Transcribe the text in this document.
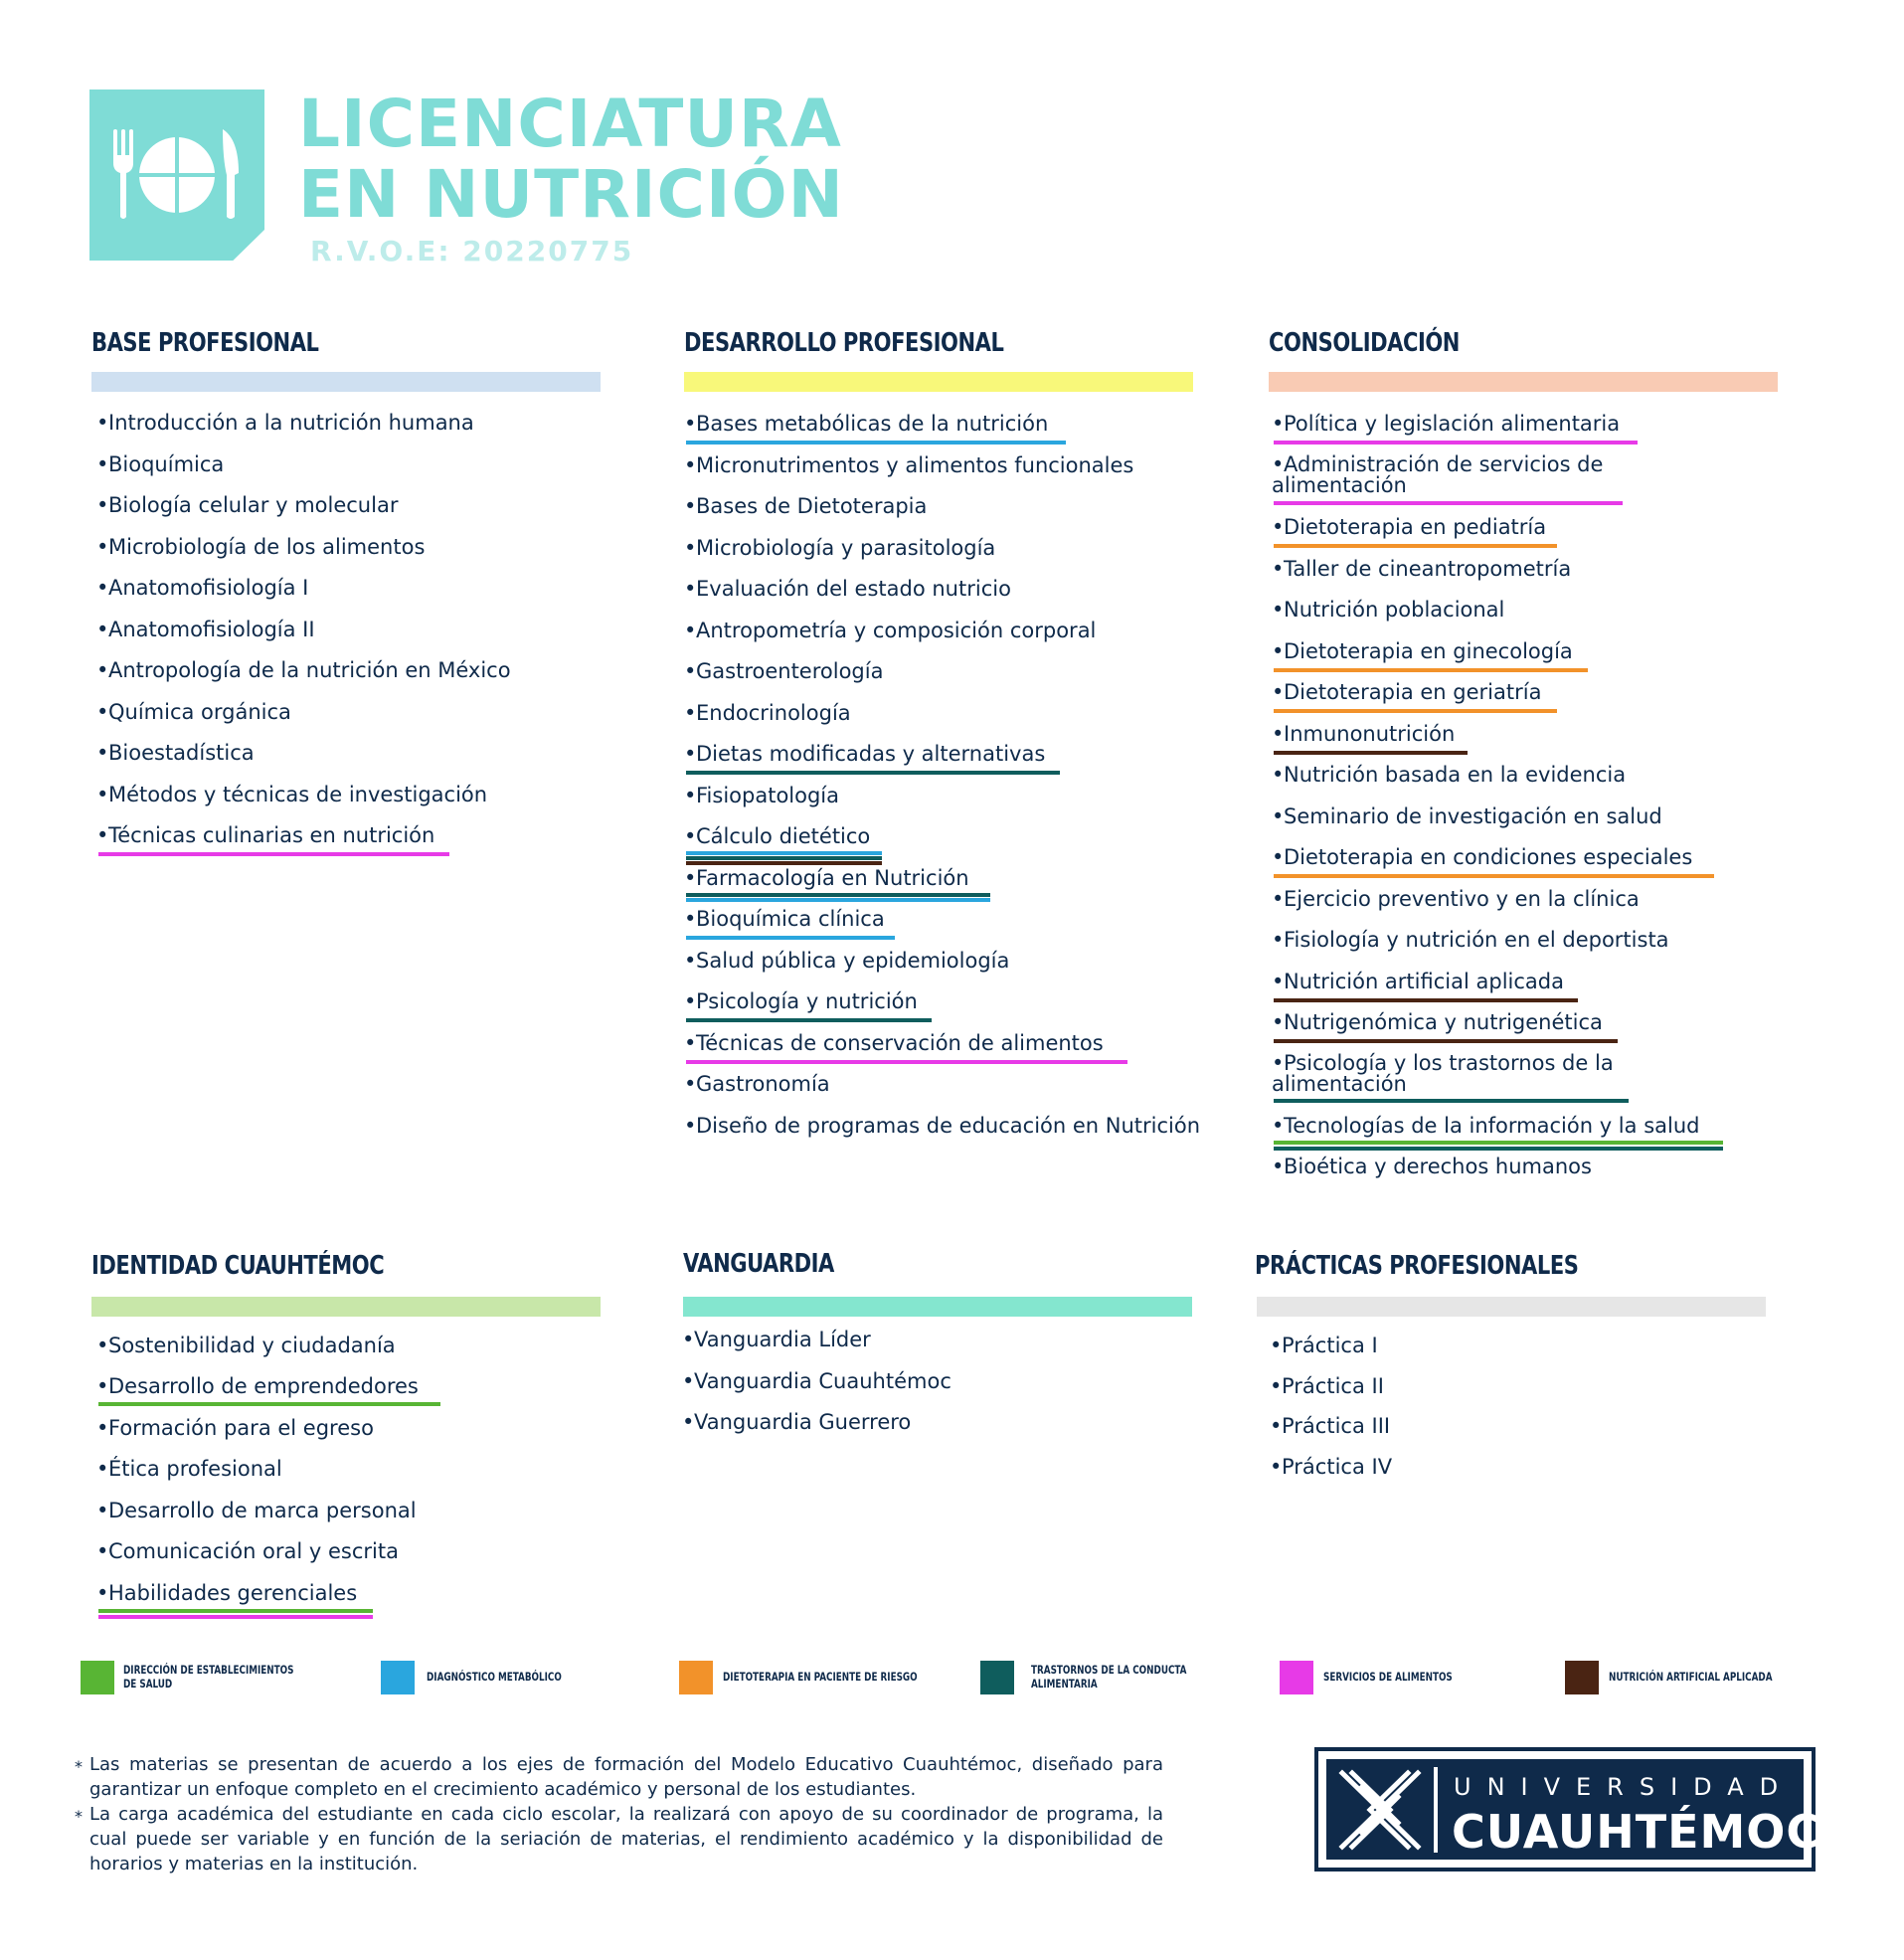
LICENCIATURA
EN NUTRICIÓN
R.V.O.E: 20220775
BASE PROFESIONAL	DESARROLLO PROFESIONAL	CONSOLIDACIÓN
IDENTIDAD CUAUHTÉMOC	VANGUARDIA	PRÁCTICAS PROFESIONALES
•Introducción a la nutrición humana
•Bioquímica
•Biología celular y molecular
•Microbiología de los alimentos
•Anatomofisiología I
•Anatomofisiología II
•Antropología de la nutrición en México
•Química orgánica
•Bioestadística
•Métodos y técnicas de investigación
•Técnicas culinarias en nutrición
•Bases metabólicas de la nutrición
•Micronutrimentos y alimentos funcionales
•Bases de Dietoterapia
•Microbiología y parasitología
•Evaluación del estado nutricio
•Antropometría y composición corporal
•Gastroenterología
•Endocrinología
•Dietas modificadas y alternativas
•Fisiopatología
•Cálculo dietético
•Farmacología en Nutrición
•Bioquímica clínica
•Salud pública y epidemiología
•Psicología y nutrición
•Técnicas de conservación de alimentos
•Gastronomía
•Diseño de programas de educación en Nutrición
•Política y legislación alimentaria
•Administración de servicios de alimentación
•Dietoterapia en pediatría
•Taller de cineantropometría
•Nutrición poblacional
•Dietoterapia en ginecología
•Dietoterapia en geriatría
•Inmunonutrición
•Nutrición basada en la evidencia
•Seminario de investigación en salud
•Dietoterapia en condiciones especiales
•Ejercicio preventivo y en la clínica
•Fisiología y nutrición en el deportista
•Nutrición artificial aplicada
•Nutrigenómica y nutrigenética
•Psicología y los trastornos de la alimentación
•Tecnologías de la información y la salud
•Bioética y derechos humanos
•Sostenibilidad y ciudadanía
•Desarrollo de emprendedores
•Formación para el egreso
•Ética profesional
•Desarrollo de marca personal
•Comunicación oral y escrita
•Habilidades gerenciales
•Vanguardia Líder
•Vanguardia Cuauhtémoc
•Vanguardia Guerrero
•Práctica I
•Práctica II
•Práctica III
•Práctica IV
DIRECCIÓN DE ESTABLECIMIENTOS DE SALUD	DIAGNÓSTICO METABÓLICO	DIETOTERAPIA EN PACIENTE DE RIESGO	TRASTORNOS DE LA CONDUCTA ALIMENTARIA	SERVICIOS DE ALIMENTOS	NUTRICIÓN ARTIFICIAL APLICADA
* Las materias se presentan de acuerdo a los ejes de formación del Modelo Educativo Cuauhtémoc, diseñado para garantizar un enfoque completo en el crecimiento académico y personal de los estudiantes.
* La carga académica del estudiante en cada ciclo escolar, la realizará con apoyo de su coordinador de programa, la cual puede ser variable y en función de la seriación de materias, el rendimiento académico y la disponibilidad de horarios y materias en la institución.
UNIVERSIDAD
CUAUHTÉMOC
